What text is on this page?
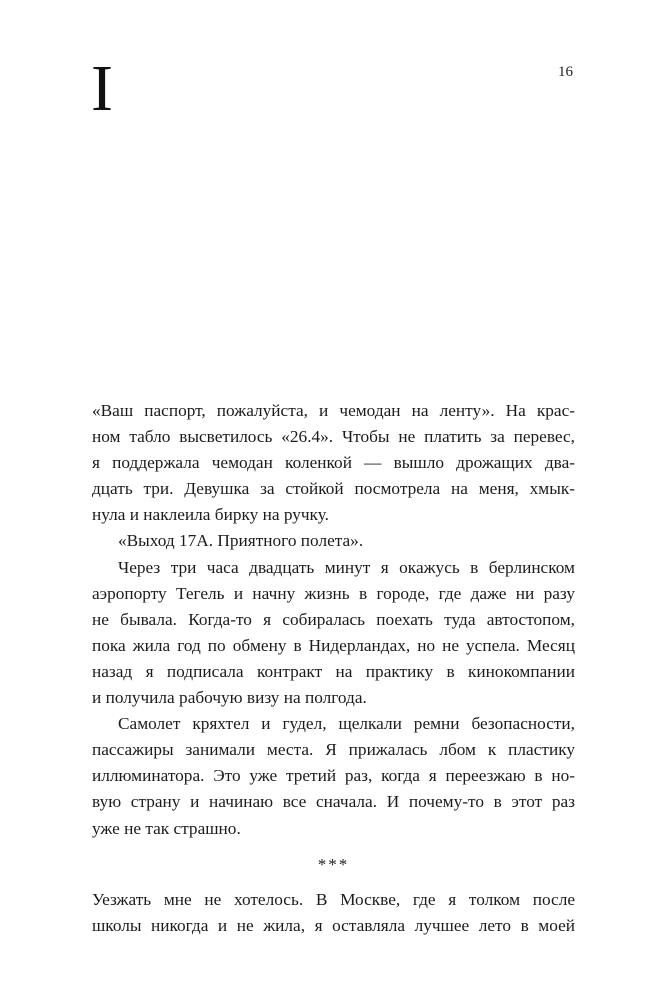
I	16
«Ваш паспорт, пожалуйста, и чемодан на ленту». На крас-
ном табло высветилось «26.4». Чтобы не платить за перевес,
я поддержала чемодан коленкой — вышло дрожащих два-
дцать три. Девушка за стойкой посмотрела на меня, хмык-
нула и наклеила бирку на ручку.
«Выход 17А. Приятного полета».
Через три часа двадцать минут я окажусь в берлинском
аэропорту Тегель и начну жизнь в городе, где даже ни разу
не бывала. Когда-то я собиралась поехать туда автостопом,
пока жила год по обмену в Нидерландах, но не успела. Месяц
назад я подписала контракт на практику в кинокомпании
и получила рабочую визу на полгода.
Самолет кряхтел и гудел, щелкали ремни безопасности,
пассажиры занимали места. Я прижалась лбом к пластику
иллюминатора. Это уже третий раз, когда я переезжаю в но-
вую страну и начинаю все сначала. И почему-то в этот раз
уже не так страшно.
***
Уезжать мне не хотелось. В Москве, где я толком после
школы никогда и не жила, я оставляла лучшее лето в моей
